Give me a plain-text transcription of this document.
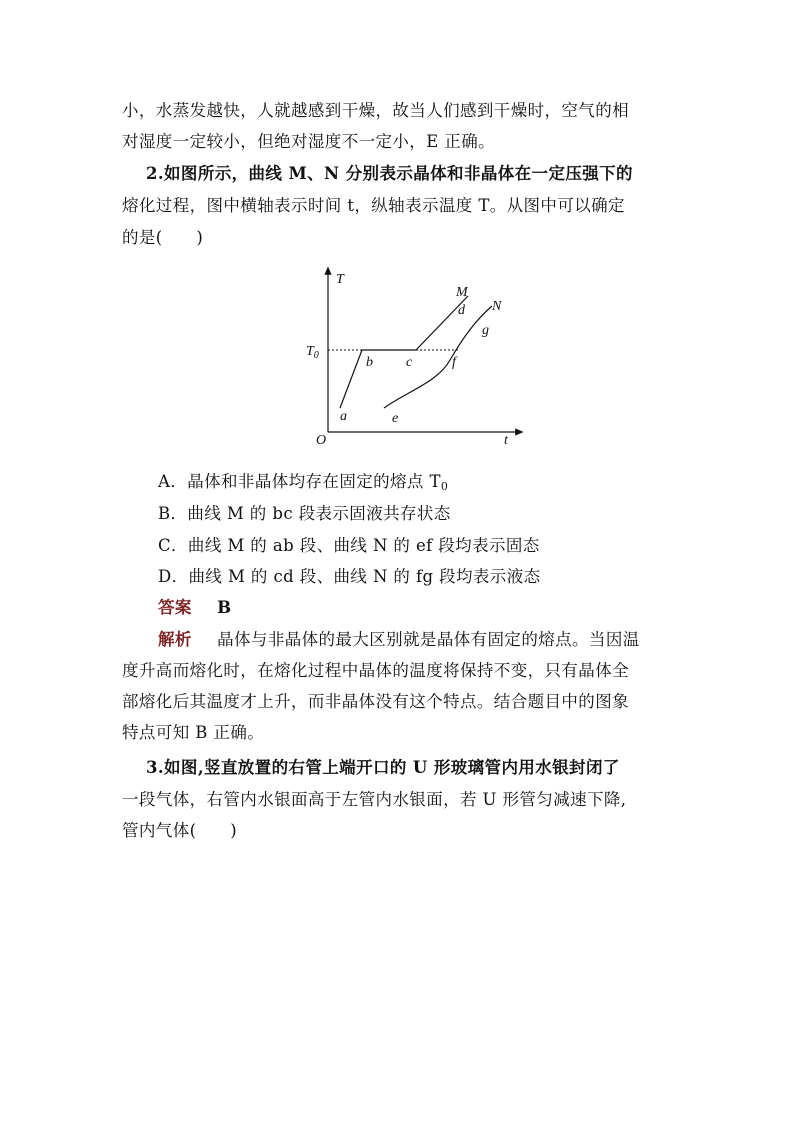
小，水蒸发越快，人就越感到干燥，故当人们感到干燥时，空气的相
对湿度一定较小，但绝对湿度不一定小，E 正确。
2.如图所示，曲线 M、N 分别表示晶体和非晶体在一定压强下的
熔化过程，图中横轴表示时间 t，纵轴表示温度 T。从图中可以确定
的是(　　)
T
t
O
$T_0$
M
N
a
b c
d
e
f
g
A．晶体和非晶体均存在固定的熔点 $T_0$
B．曲线 M 的 bc 段表示固液共存状态
C．曲线 M 的 ab 段、曲线 N 的 ef 段均表示固态
D．曲线 M 的 cd 段、曲线 N 的 fg 段均表示液态
答案 B
解析 晶体与非晶体的最大区别就是晶体有固定的熔点。当因温
度升高而熔化时，在熔化过程中晶体的温度将保持不变，只有晶体全
部熔化后其温度才上升，而非晶体没有这个特点。结合题目中的图象
特点可知 B 正确。
3.如图,竖直放置的右管上端开口的 U 形玻璃管内用水银封闭了
一段气体，右管内水银面高于左管内水银面，若 U 形管匀减速下降,
管内气体(　　)
